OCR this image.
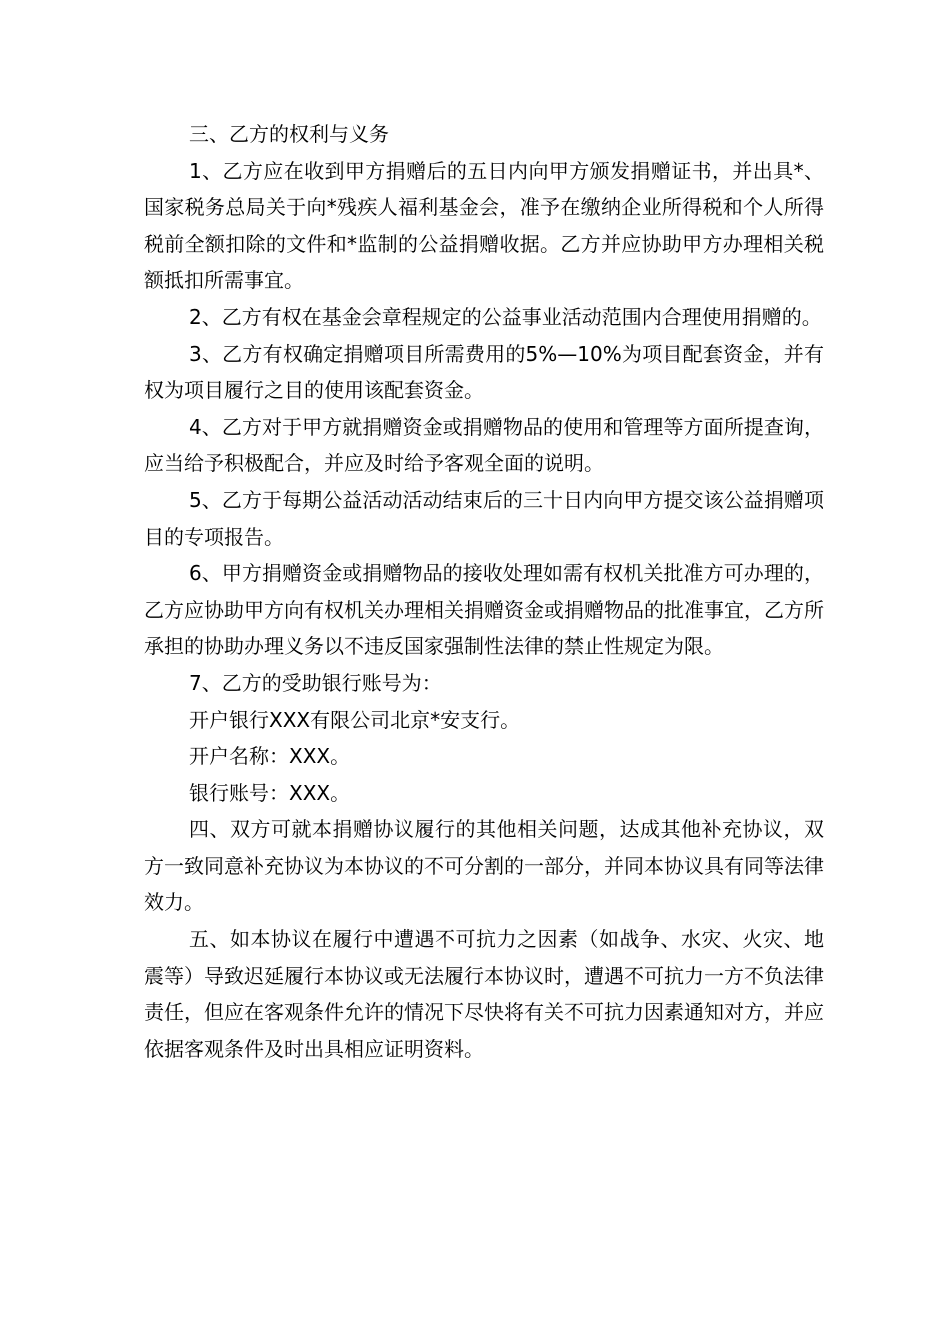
三、乙方的权利与义务

1、乙方应在收到甲方捐赠后的五日内向甲方颁发捐赠证书，并出具*、国家税务总局关于向*残疾人福利基金会，准予在缴纳企业所得税和个人所得税前全额扣除的文件和*监制的公益捐赠收据。乙方并应协助甲方办理相关税额抵扣所需事宜。

2、乙方有权在基金会章程规定的公益事业活动范围内合理使用捐赠的。

3、乙方有权确定捐赠项目所需费用的5%—10%为项目配套资金，并有权为项目履行之目的使用该配套资金。

4、乙方对于甲方就捐赠资金或捐赠物品的使用和管理等方面所提查询，应当给予积极配合，并应及时给予客观全面的说明。

5、乙方于每期公益活动活动结束后的三十日内向甲方提交该公益捐赠项目的专项报告。

6、甲方捐赠资金或捐赠物品的接收处理如需有权机关批准方可办理的，乙方应协助甲方向有权机关办理相关捐赠资金或捐赠物品的批准事宜，乙方所承担的协助办理义务以不违反国家强制性法律的禁止性规定为限。

7、乙方的受助银行账号为：

开户银行XXX有限公司北京*安支行。

开户名称：XXX。

银行账号：XXX。

四、双方可就本捐赠协议履行的其他相关问题，达成其他补充协议，双方一致同意补充协议为本协议的不可分割的一部分，并同本协议具有同等法律效力。

五、如本协议在履行中遭遇不可抗力之因素（如战争、水灾、火灾、地震等）导致迟延履行本协议或无法履行本协议时，遭遇不可抗力一方不负法律责任，但应在客观条件允许的情况下尽快将有关不可抗力因素通知对方，并应依据客观条件及时出具相应证明资料。
